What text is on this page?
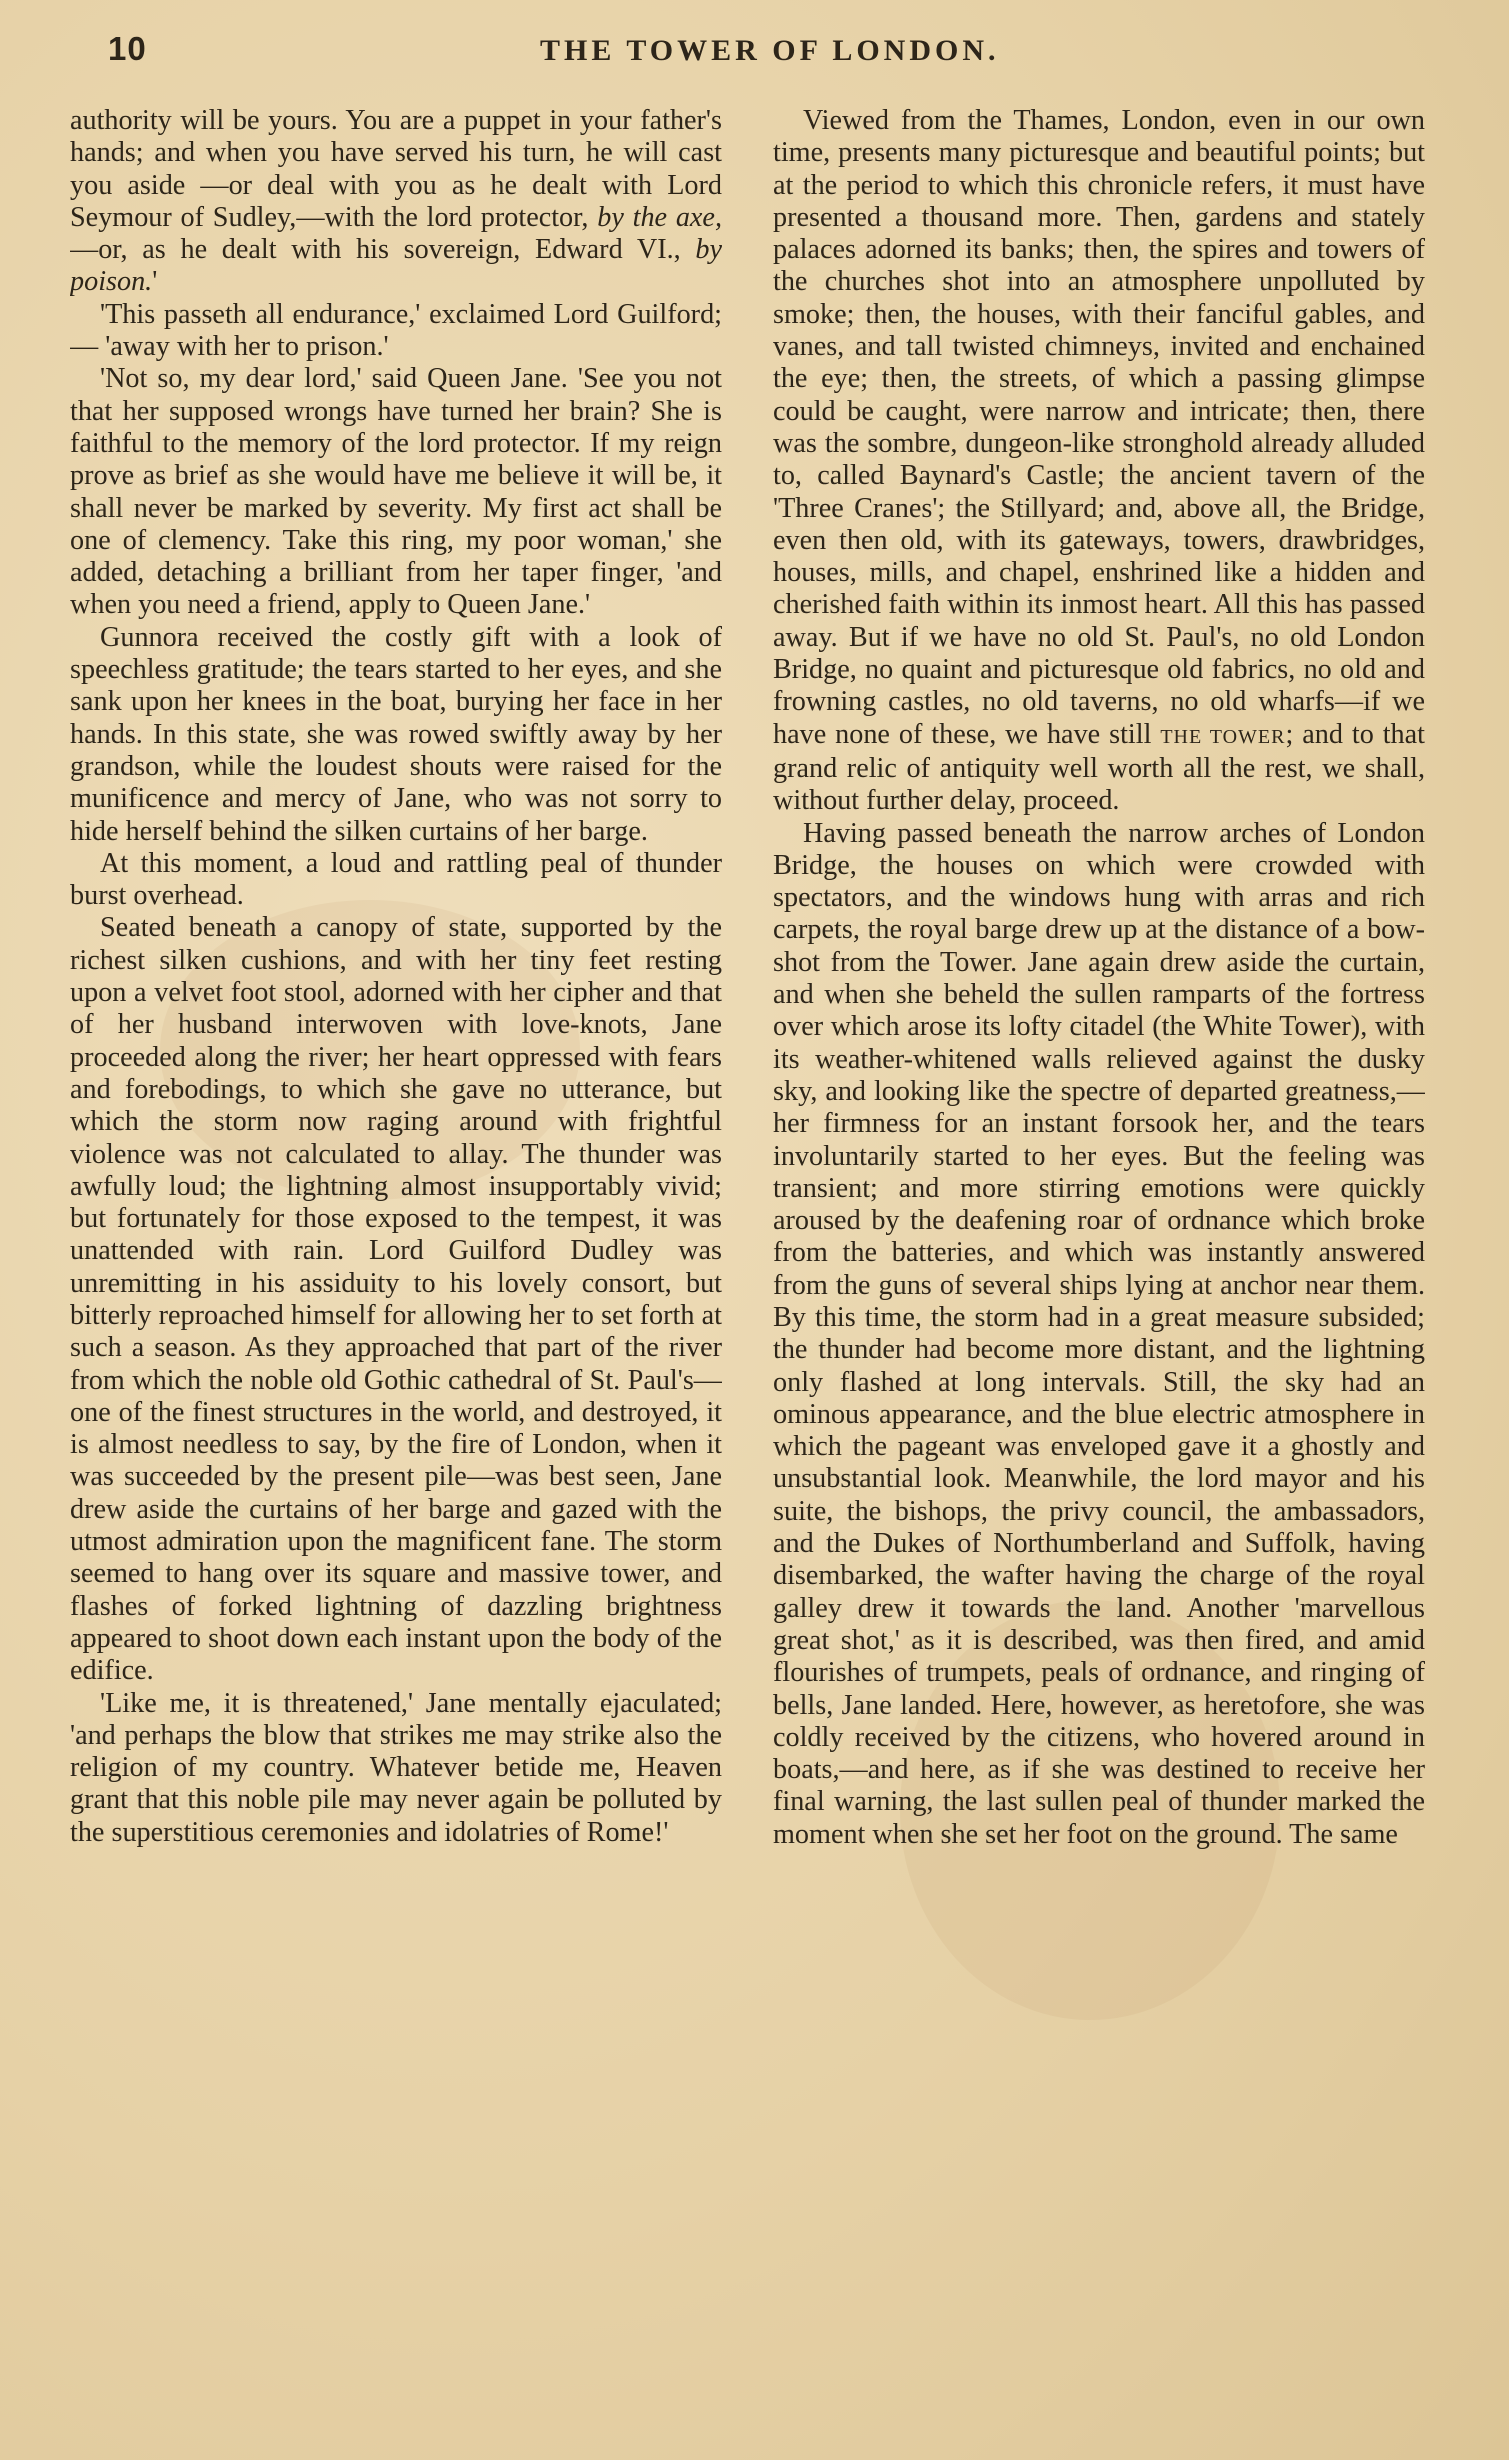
10	THE TOWER OF LONDON.

authority will be yours. You are a puppet in your father's hands; and when you have served his turn, he will cast you aside —or deal with you as he dealt with Lord Seymour of Sudley,—with the lord protector, by the axe,—or, as he dealt with his sovereign, Edward VI., by poison.'

'This passeth all endurance,' exclaimed Lord Guilford;— 'away with her to prison.'

'Not so, my dear lord,' said Queen Jane. 'See you not that her supposed wrongs have turned her brain? She is faithful to the memory of the lord protector. If my reign prove as brief as she would have me believe it will be, it shall never be marked by severity. My first act shall be one of clemency. Take this ring, my poor woman,' she added, detaching a brilliant from her taper finger, 'and when you need a friend, apply to Queen Jane.'

Gunnora received the costly gift with a look of speechless gratitude; the tears started to her eyes, and she sank upon her knees in the boat, burying her face in her hands. In this state, she was rowed swiftly away by her grandson, while the loudest shouts were raised for the munificence and mercy of Jane, who was not sorry to hide herself behind the silken curtains of her barge.

At this moment, a loud and rattling peal of thunder burst overhead.

Seated beneath a canopy of state, supported by the richest silken cushions, and with her tiny feet resting upon a velvet foot stool, adorned with her cipher and that of her husband interwoven with love-knots, Jane proceeded along the river; her heart oppressed with fears and forebodings, to which she gave no utterance, but which the storm now raging around with frightful violence was not calculated to allay. The thunder was awfully loud; the lightning almost insupportably vivid; but fortunately for those exposed to the tempest, it was unattended with rain. Lord Guilford Dudley was unremitting in his assiduity to his lovely consort, but bitterly reproached himself for allowing her to set forth at such a season. As they approached that part of the river from which the noble old Gothic cathedral of St. Paul's—one of the finest structures in the world, and destroyed, it is almost needless to say, by the fire of London, when it was succeeded by the present pile—was best seen, Jane drew aside the curtains of her barge and gazed with the utmost admiration upon the magnificent fane. The storm seemed to hang over its square and massive tower, and flashes of forked lightning of dazzling brightness appeared to shoot down each instant upon the body of the edifice.

'Like me, it is threatened,' Jane mentally ejaculated; 'and perhaps the blow that strikes me may strike also the religion of my country. Whatever betide me, Heaven grant that this noble pile may never again be polluted by the superstitious ceremonies and idolatries of Rome!'

Viewed from the Thames, London, even in our own time, presents many picturesque and beautiful points; but at the period to which this chronicle refers, it must have presented a thousand more. Then, gardens and stately palaces adorned its banks; then, the spires and towers of the churches shot into an atmosphere unpolluted by smoke; then, the houses, with their fanciful gables, and vanes, and tall twisted chimneys, invited and enchained the eye; then, the streets, of which a passing glimpse could be caught, were narrow and intricate; then, there was the sombre, dungeon-like stronghold already alluded to, called Baynard's Castle; the ancient tavern of the 'Three Cranes'; the Stillyard; and, above all, the Bridge, even then old, with its gateways, towers, drawbridges, houses, mills, and chapel, enshrined like a hidden and cherished faith within its inmost heart. All this has passed away. But if we have no old St. Paul's, no old London Bridge, no quaint and picturesque old fabrics, no old and frowning castles, no old taverns, no old wharfs—if we have none of these, we have still THE TOWER; and to that grand relic of antiquity well worth all the rest, we shall, without further delay, proceed.

Having passed beneath the narrow arches of London Bridge, the houses on which were crowded with spectators, and the windows hung with arras and rich carpets, the royal barge drew up at the distance of a bow-shot from the Tower. Jane again drew aside the curtain, and when she beheld the sullen ramparts of the fortress over which arose its lofty citadel (the White Tower), with its weather-whitened walls relieved against the dusky sky, and looking like the spectre of departed greatness,—her firmness for an instant forsook her, and the tears involuntarily started to her eyes. But the feeling was transient; and more stirring emotions were quickly aroused by the deafening roar of ordnance which broke from the batteries, and which was instantly answered from the guns of several ships lying at anchor near them. By this time, the storm had in a great measure subsided; the thunder had become more distant, and the lightning only flashed at long intervals. Still, the sky had an ominous appearance, and the blue electric atmosphere in which the pageant was enveloped gave it a ghostly and unsubstantial look. Meanwhile, the lord mayor and his suite, the bishops, the privy council, the ambassadors, and the Dukes of Northumberland and Suffolk, having disembarked, the wafter having the charge of the royal galley drew it towards the land. Another 'marvellous great shot,' as it is described, was then fired, and amid flourishes of trumpets, peals of ordnance, and ringing of bells, Jane landed. Here, however, as heretofore, she was coldly received by the citizens, who hovered around in boats,—and here, as if she was destined to receive her final warning, the last sullen peal of thunder marked the moment when she set her foot on the ground. The same
